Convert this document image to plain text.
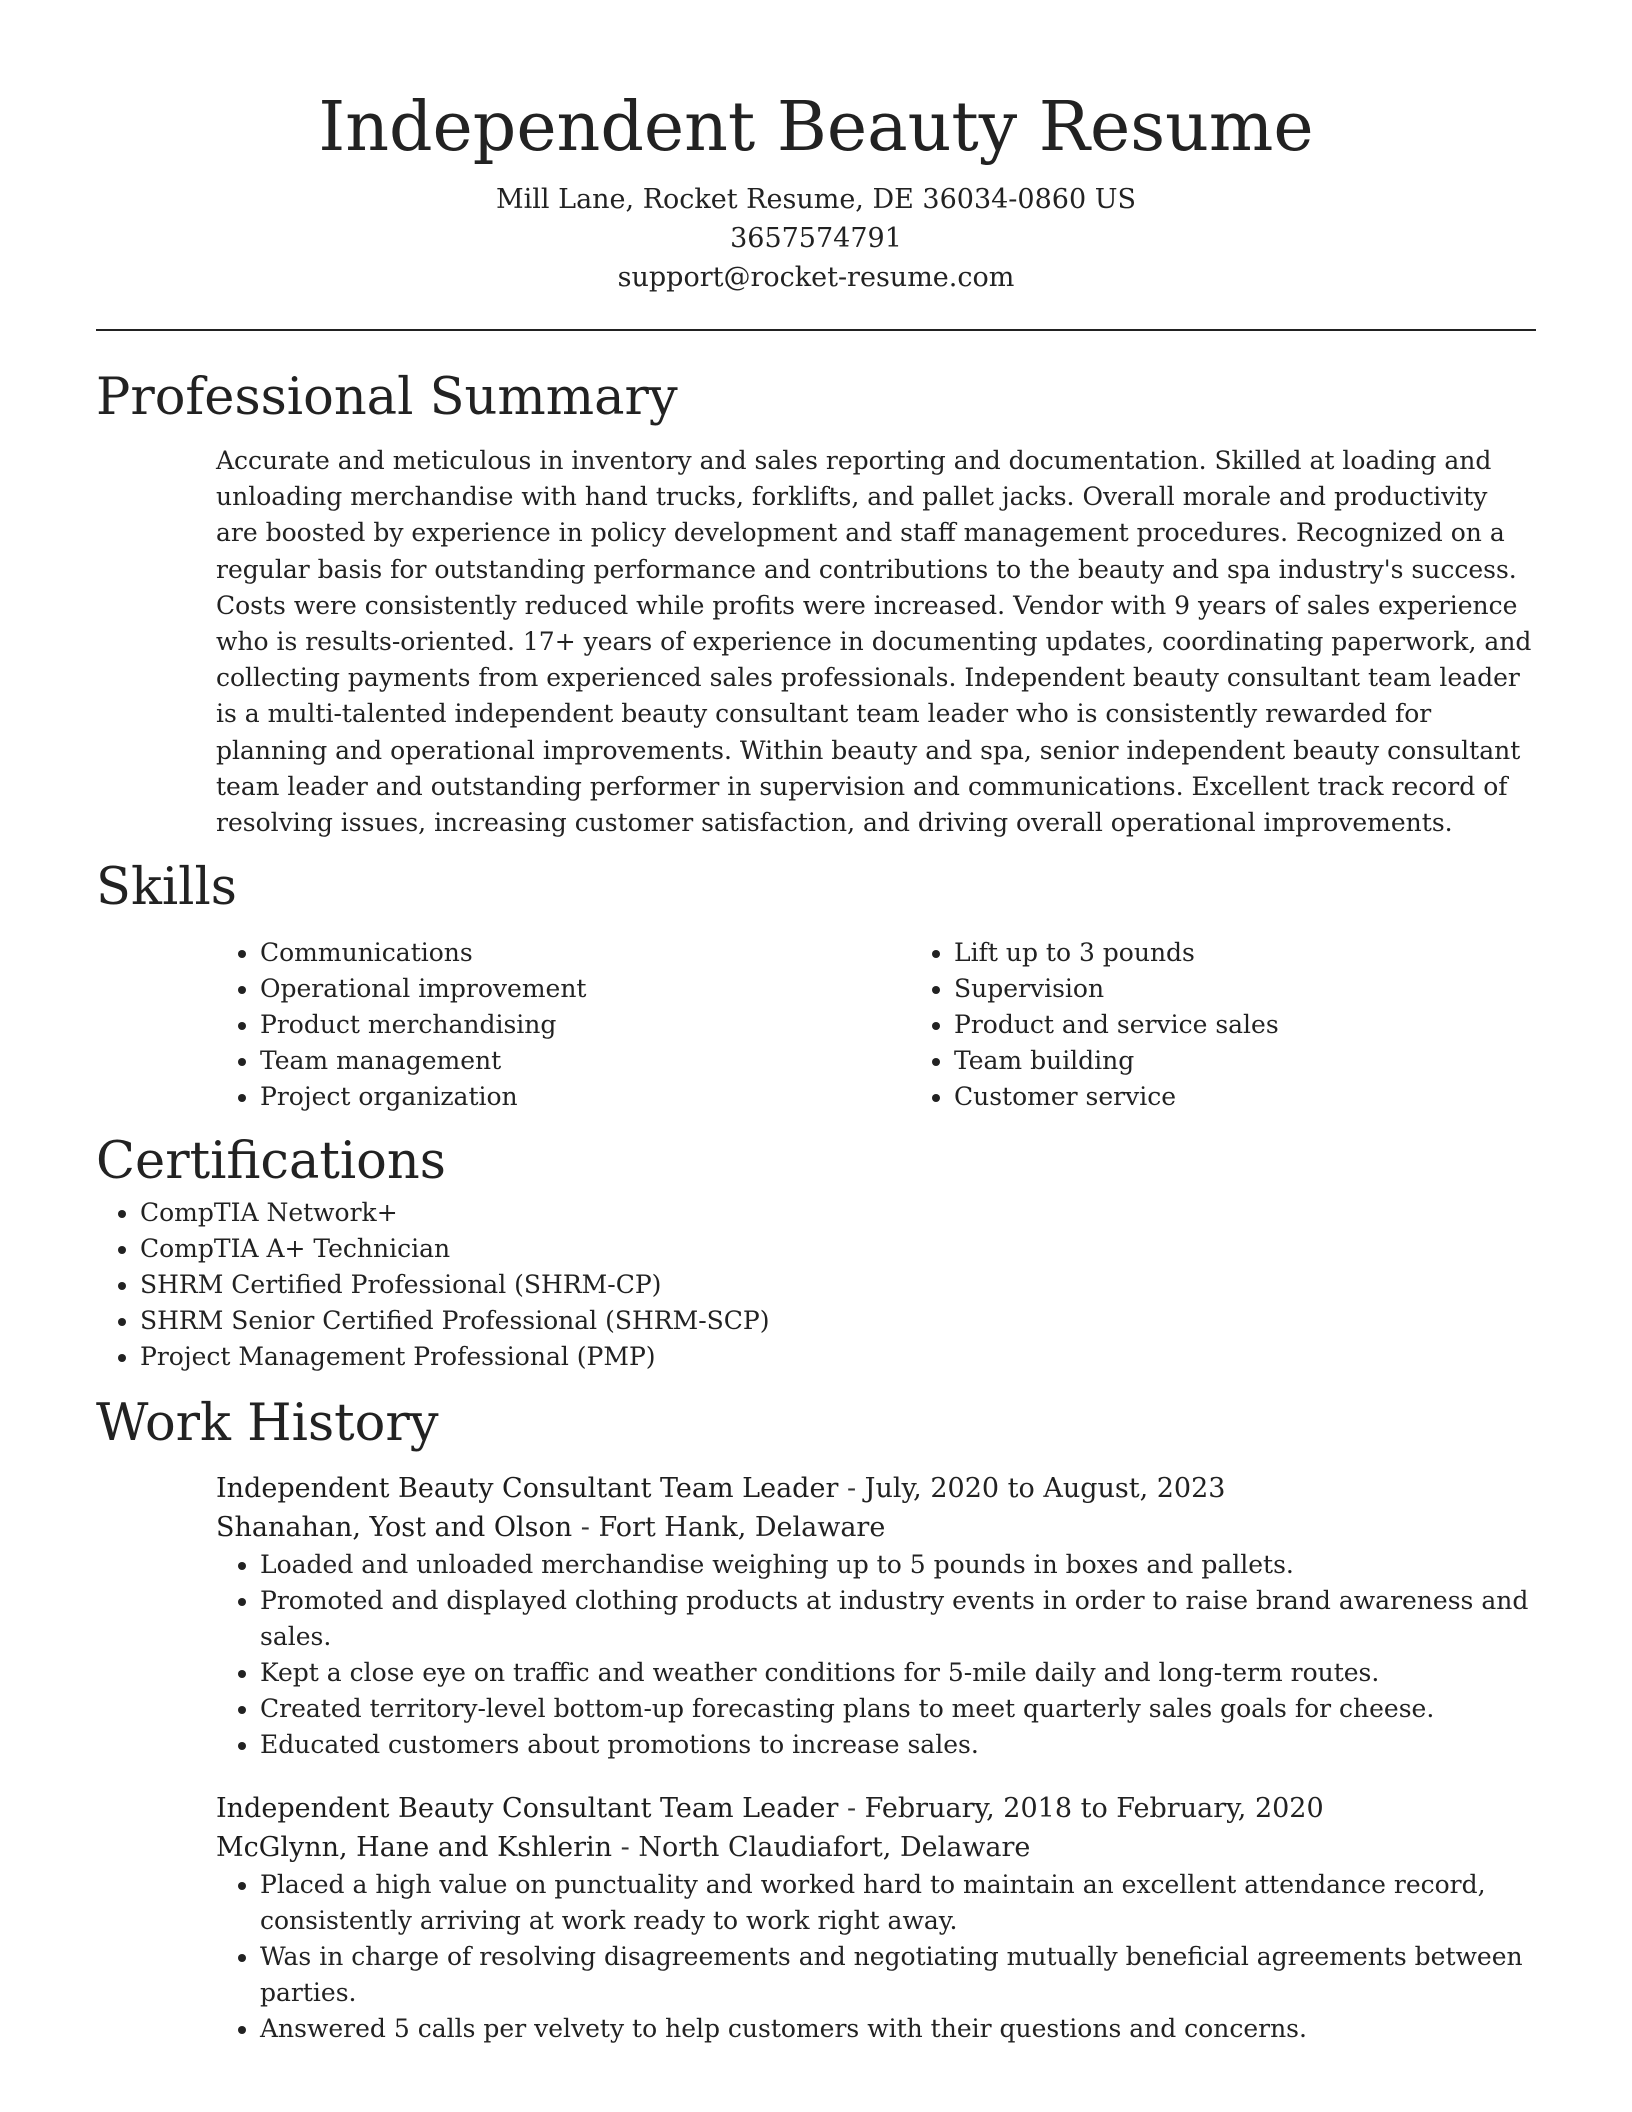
Independent Beauty Resume

Mill Lane, Rocket Resume, DE 36034-0860 US

3657574791

support@rocket-resume.com

Professional Summary

Accurate and meticulous in inventory and sales reporting and documentation. Skilled at loading and unloading merchandise with hand trucks, forklifts, and pallet jacks. Overall morale and productivity are boosted by experience in policy development and staff management procedures. Recognized on a regular basis for outstanding performance and contributions to the beauty and spa industry's success. Costs were consistently reduced while profits were increased. Vendor with 9 years of sales experience who is results-oriented. 17+ years of experience in documenting updates, coordinating paperwork, and collecting payments from experienced sales professionals. Independent beauty consultant team leader is a multi-talented independent beauty consultant team leader who is consistently rewarded for planning and operational improvements. Within beauty and spa, senior independent beauty consultant team leader and outstanding performer in supervision and communications. Excellent track record of resolving issues, increasing customer satisfaction, and driving overall operational improvements.

Skills
• Communications
• Operational improvement
• Product merchandising
• Team management
• Project organization
• Lift up to 3 pounds
• Supervision
• Product and service sales
• Team building
• Customer service
Certifications
• CompTIA Network+
• CompTIA A+ Technician
• SHRM Certified Professional (SHRM-CP)
• SHRM Senior Certified Professional (SHRM-SCP)
• Project Management Professional (PMP)
Work History

Independent Beauty Consultant Team Leader - July, 2020 to August, 2023

Shanahan, Yost and Olson - Fort Hank, Delaware

• Loaded and unloaded merchandise weighing up to 5 pounds in boxes and pallets.
• Promoted and displayed clothing products at industry events in order to raise brand awareness and sales.
• Kept a close eye on traffic and weather conditions for 5-mile daily and long-term routes.
• Created territory-level bottom-up forecasting plans to meet quarterly sales goals for cheese.
• Educated customers about promotions to increase sales.

Independent Beauty Consultant Team Leader - February, 2018 to February, 2020

McGlynn, Hane and Kshlerin - North Claudiafort, Delaware

• Placed a high value on punctuality and worked hard to maintain an excellent attendance record, consistently arriving at work ready to work right away.
• Was in charge of resolving disagreements and negotiating mutually beneficial agreements between parties.
• Answered 5 calls per velvety to help customers with their questions and concerns.
